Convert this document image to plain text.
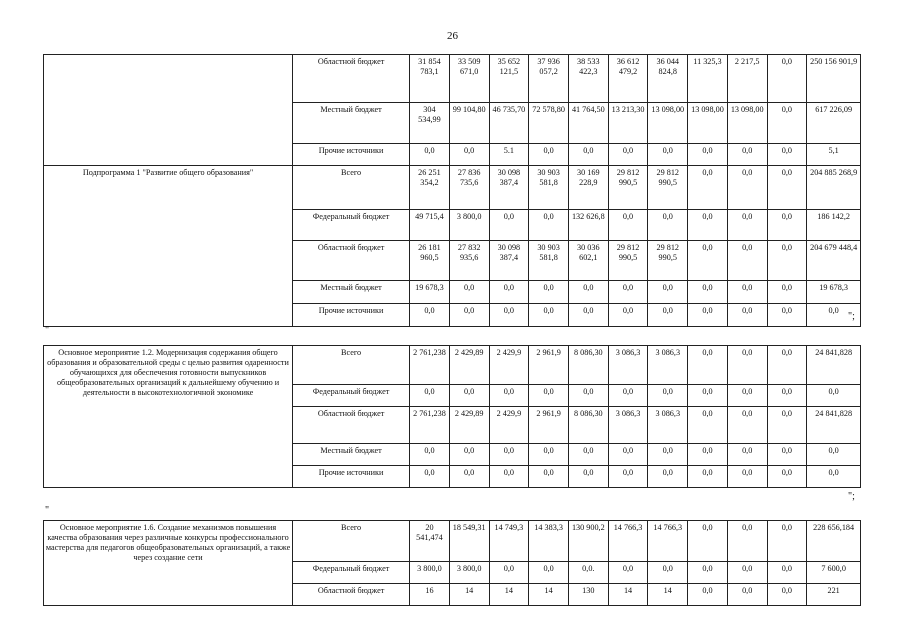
26
	Областной бюджет	31 854 783,1	33 509 671,0	35 652 121,5	37 936 057,2	38 533 422,3	36 612 479,2	36 044 824,8	11 325,3	2 217,5	0,0	250 156 901,9
	Местный бюджет	304 534,99	99 104,80	46 735,70	72 578,80	41 764,50	13 213,30	13 098,00	13 098,00	13 098,00	0,0	617 226,09
	Прочие источники	0,0	0,0	5.1	0,0	0,0	0,0	0,0	0,0	0,0	0,0	5,1
Подпрограмма 1 "Развитие общего образования"	Всего	26 251 354,2	27 836 735,6	30 098 387,4	30 903 581,8	30 169 228,9	29 812 990,5	29 812 990,5	0,0	0,0	0,0	204 885 268,9
	Федеральный бюджет	49 715,4	3 800,0	0,0	0,0	132 626,8	0,0	0,0	0,0	0,0	0,0	186 142,2
	Областной бюджет	26 181 960,5	27 832 935,6	30 098 387,4	30 903 581,8	30 036 602,1	29 812 990,5	29 812 990,5	0,0	0,0	0,0	204 679 448,4
	Местный бюджет	19 678,3	0,0	0,0	0,0	0,0	0,0	0,0	0,0	0,0	0,0	19 678,3
	Прочие источники	0,0	0,0	0,0	0,0	0,0	0,0	0,0	0,0	0,0	0,0	0,0
";
"
Основное мероприятие 1.2. Модернизация содержания общего образования и образовательной среды с целью развития одаренности обучающихся для обеспечения готовности выпускников общеобразовательных организаций к дальнейшему обучению и деятельности в высокотехнологичной экономике	Всего	2 761,238	2 429,89	2 429,9	2 961,9	8 086,30	3 086,3	3 086,3	0,0	0,0	0,0	24 841,828
	Федеральный бюджет	0,0	0,0	0,0	0,0	0,0	0,0	0,0	0,0	0,0	0,0	0,0
	Областной бюджет	2 761,238	2 429,89	2 429,9	2 961,9	8 086,30	3 086,3	3 086,3	0,0	0,0	0,0	24 841,828
	Местный бюджет	0,0	0,0	0,0	0,0	0,0	0,0	0,0	0,0	0,0	0,0	0,0
	Прочие источники	0,0	0,0	0,0	0,0	0,0	0,0	0,0	0,0	0,0	0,0	0,0
";
"
Основное мероприятие 1.6. Создание механизмов повышения качества образования через различные конкурсы профессионального мастерства для педагогов общеобразовательных организаций, а также через создание сети	Всего	20 541,474	18 549,31	14 749,3	14 383,3	130 900,2	14 766,3	14 766,3	0,0	0,0	0,0	228 656,184
	Федеральный бюджет	3 800,0	3 800,0	0,0	0,0	0,0.	0,0	0,0	0,0	0,0	0,0	7 600,0
	Областной бюджет	16	14	14	14	130	14	14	0,0	0,0	0,0	221
